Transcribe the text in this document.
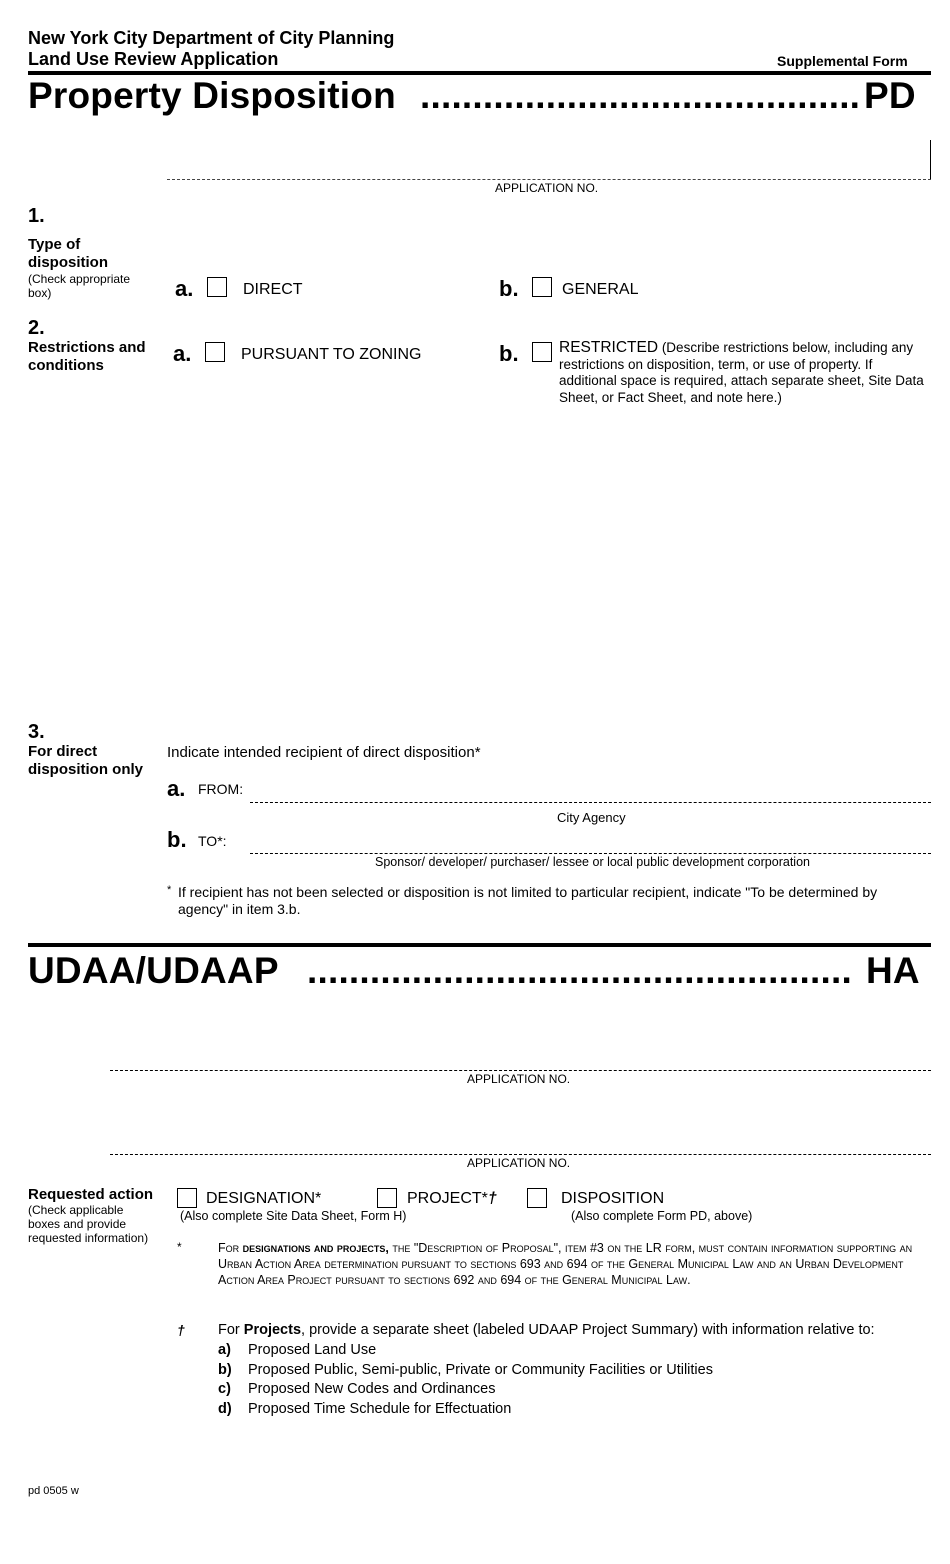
New York City Department of City Planning
Land Use Review Application	Supplemental Form
Property Disposition .......................................... PD
APPLICATION NO.
1.
Type of disposition
(Check appropriate box)	a.	DIRECT	b.	GENERAL
2.
Restrictions and conditions	a.	PURSUANT TO ZONING	b.	RESTRICTED (Describe restrictions below, including any restrictions on disposition, term, or use of property. If additional space is required, attach separate sheet, Site Data Sheet, or Fact Sheet, and note here.)
3.
For direct disposition only
Indicate intended recipient of direct disposition*
a. FROM:
City Agency
b. TO*:
Sponsor/ developer/ purchaser/ lessee or local public development corporation
* If recipient has not been selected or disposition is not limited to particular recipient, indicate "To be determined by agency" in item 3.b.
UDAA/UDAAP .................................................... HA
APPLICATION NO.
APPLICATION NO.
Requested action
(Check applicable boxes and provide requested information)
DESIGNATION*
(Also complete Site Data Sheet, Form H)
PROJECT*†	DISPOSITION
(Also complete Form PD, above)
*	For designations and projects, the "Description of Proposal", item #3 on the LR form, must contain information supporting an Urban Action Area determination pursuant to sections 693 and 694 of the General Municipal Law and an Urban Development Action Area Project pursuant to sections 692 and 694 of the General Municipal Law.
† For Projects, provide a separate sheet (labeled UDAAP Project Summary) with information relative to:
a) Proposed Land Use
b) Proposed Public, Semi-public, Private or Community Facilities or Utilities
c) Proposed New Codes and Ordinances
d) Proposed Time Schedule for Effectuation
pd 0505 w
